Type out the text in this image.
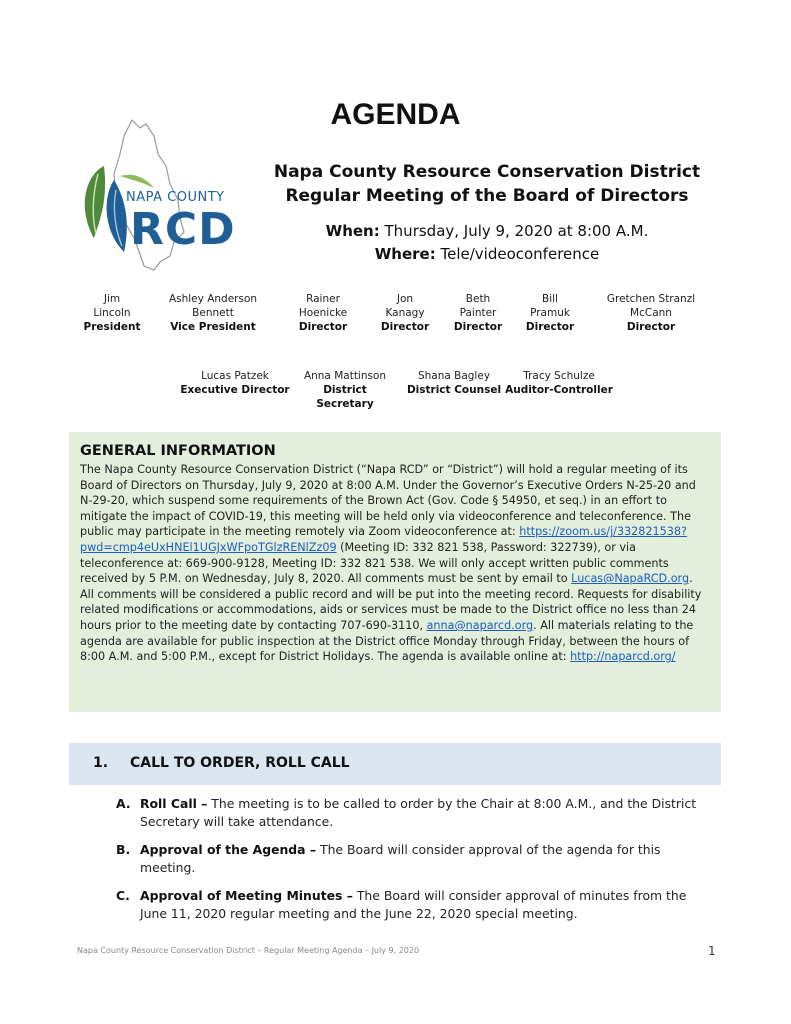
AGENDA
NAPA COUNTY
RCD
Napa County Resource Conservation District
Regular Meeting of the Board of Directors
When: Thursday, July 9, 2020 at 8:00 A.M.
Where: Tele/videoconference
Jim
Lincoln
President
Ashley Anderson
Bennett
Vice President
Rainer
Hoenicke
Director
Jon
Kanagy
Director
Beth
Painter
Director
Bill
Pramuk
Director
Gretchen Stranzl
McCann
Director
Lucas Patzek
Executive Director
Anna Mattinson
District Secretary
Shana Bagley
District Counsel
Tracy Schulze
Auditor-Controller
GENERAL INFORMATION
The Napa County Resource Conservation District (“Napa RCD” or “District”) will hold a regular meeting of its Board of Directors on Thursday, July 9, 2020 at 8:00 A.M. Under the Governor’s Executive Orders N-25-20 and N-29-20, which suspend some requirements of the Brown Act (Gov. Code § 54950, et seq.) in an effort to mitigate the impact of COVID-19, this meeting will be held only via videoconference and teleconference. The public may participate in the meeting remotely via Zoom videoconference at: https://zoom.us/j/332821538?pwd=cmp4eUxHNEl1UGJxWFpoTGlzRENlZz09 (Meeting ID: 332 821 538, Password: 322739), or via teleconference at: 669-900-9128, Meeting ID: 332 821 538. We will only accept written public comments received by 5 P.M. on Wednesday, July 8, 2020. All comments must be sent by email to Lucas@NapaRCD.org. All comments will be considered a public record and will be put into the meeting record. Requests for disability related modifications or accommodations, aids or services must be made to the District office no less than 24 hours prior to the meeting date by contacting 707-690-3110, anna@naparcd.org. All materials relating to the agenda are available for public inspection at the District office Monday through Friday, between the hours of 8:00 A.M. and 5:00 P.M., except for District Holidays. The agenda is available online at: http://naparcd.org/
1. CALL TO ORDER, ROLL CALL
A. Roll Call – The meeting is to be called to order by the Chair at 8:00 A.M., and the District Secretary will take attendance.
B. Approval of the Agenda – The Board will consider approval of the agenda for this meeting.
C. Approval of Meeting Minutes – The Board will consider approval of minutes from the June 11, 2020 regular meeting and the June 22, 2020 special meeting.
Napa County Resource Conservation District – Regular Meeting Agenda – July 9, 2020	1
